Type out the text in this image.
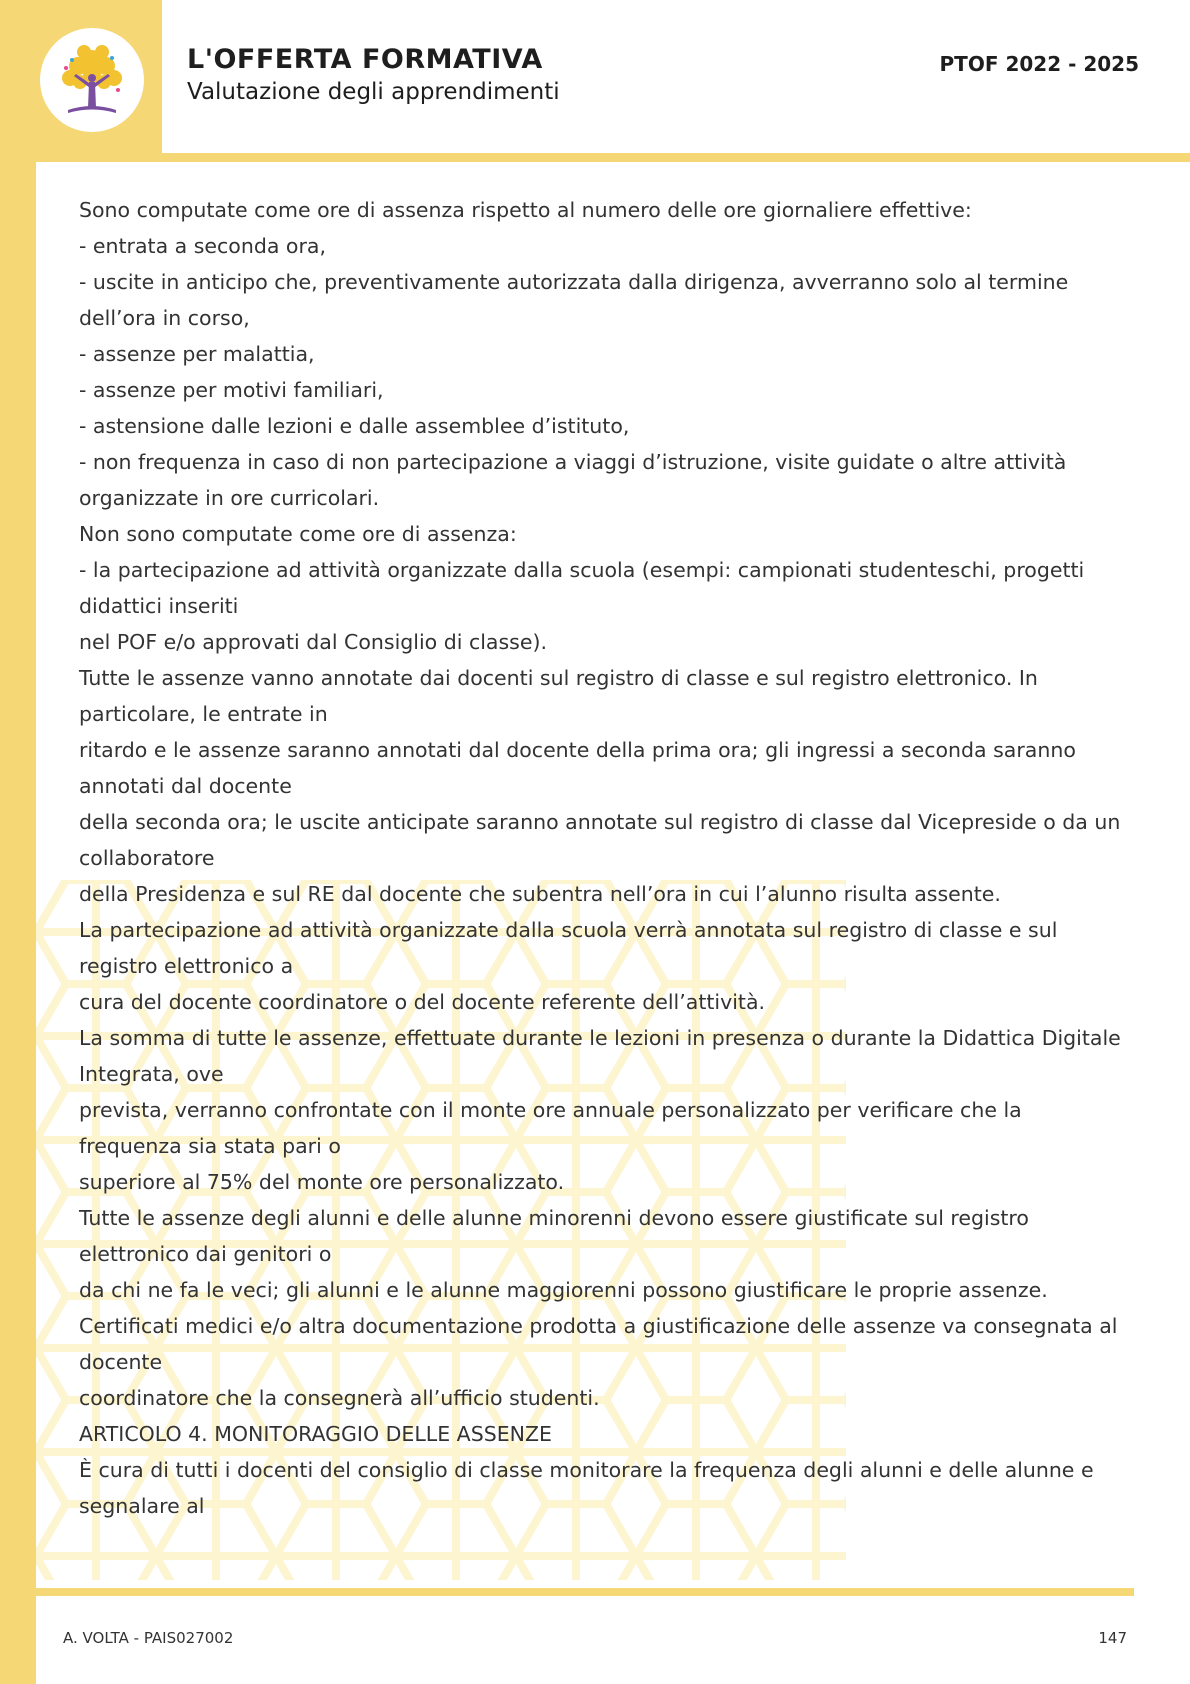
L'OFFERTA FORMATIVA
Valutazione degli apprendimenti
PTOF 2022 - 2025

Sono computate come ore di assenza rispetto al numero delle ore giornaliere effettive:

- entrata a seconda ora,

- uscite in anticipo che, preventivamente autorizzata dalla dirigenza, avverranno solo al termine

dell’ora in corso,

- assenze per malattia,

- assenze per motivi familiari,

- astensione dalle lezioni e dalle assemblee d’istituto,

- non frequenza in caso di non partecipazione a viaggi d’istruzione, visite guidate o altre attività

organizzate in ore curricolari.

Non sono computate come ore di assenza:

- la partecipazione ad attività organizzate dalla scuola (esempi: campionati studenteschi, progetti

didattici inseriti

nel POF e/o approvati dal Consiglio di classe).

Tutte le assenze vanno annotate dai docenti sul registro di classe e sul registro elettronico. In

particolare, le entrate in

ritardo e le assenze saranno annotati dal docente della prima ora; gli ingressi a seconda saranno

annotati dal docente

della seconda ora; le uscite anticipate saranno annotate sul registro di classe dal Vicepreside o da un

collaboratore

della Presidenza e sul RE dal docente che subentra nell’ora in cui l’alunno risulta assente.

La partecipazione ad attività organizzate dalla scuola verrà annotata sul registro di classe e sul

registro elettronico a

cura del docente coordinatore o del docente referente dell’attività.

La somma di tutte le assenze, effettuate durante le lezioni in presenza o durante la Didattica Digitale

Integrata, ove

prevista, verranno confrontate con il monte ore annuale personalizzato per verificare che la

frequenza sia stata pari o

superiore al 75% del monte ore personalizzato.

Tutte le assenze degli alunni e delle alunne minorenni devono essere giustificate sul registro

elettronico dai genitori o

da chi ne fa le veci; gli alunni e le alunne maggiorenni possono giustificare le proprie assenze.

Certificati medici e/o altra documentazione prodotta a giustificazione delle assenze va consegnata al

docente

coordinatore che la consegnerà all’ufficio studenti.

ARTICOLO 4. MONITORAGGIO DELLE ASSENZE

È cura di tutti i docenti del consiglio di classe monitorare la frequenza degli alunni e delle alunne e

segnalare al

A. VOLTA - PAIS027002	147
